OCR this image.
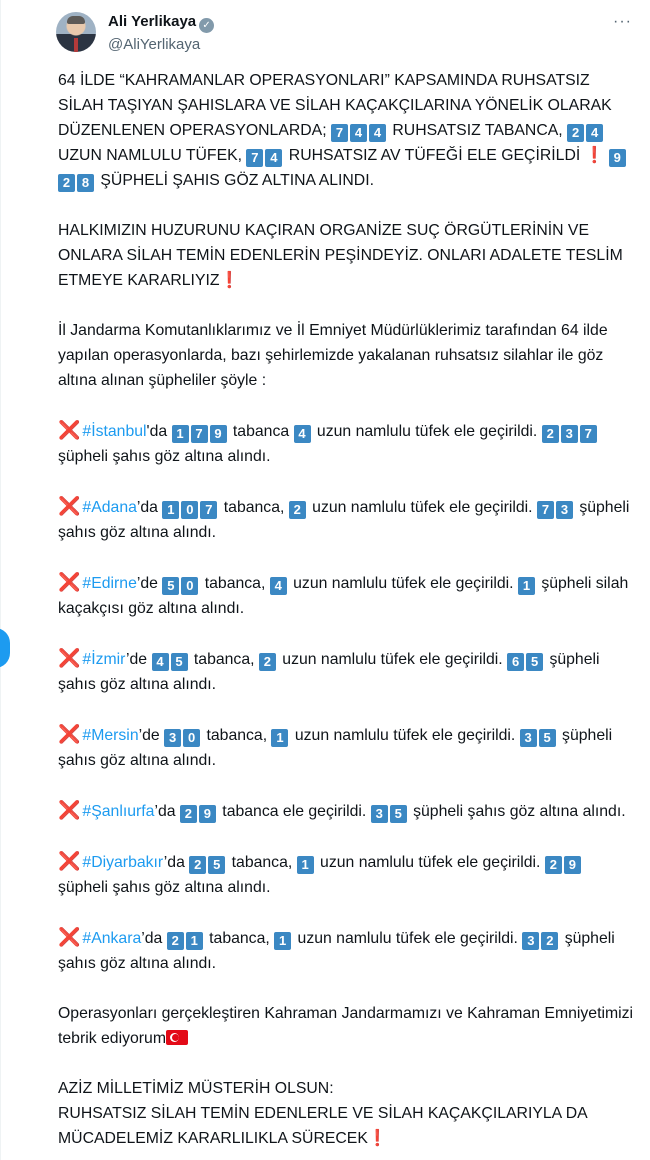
Ali Yerlikaya ✓
@AliYerlikaya
···

64 İLDE “KAHRAMANLAR OPERASYONLARI” KAPSAMINDA RUHSATSIZ SİLAH TAŞIYAN ŞAHISLARA VE SİLAH KAÇAKÇILARINA YÖNELİK OLARAK DÜZENLENEN OPERASYONLARDA; 7 4 4 RUHSATSIZ TABANCA, 2 4 UZUN NAMLULU TÜFEK, 7 4 RUHSATSIZ AV TÜFEĞİ ELE GEÇİRİLDİ ❗ 92 8 ŞÜPHELİ ŞAHIS GÖZ ALTINA ALINDI.

HALKIMIZIN HUZURUNU KAÇIRAN ORGANİZE SUÇ ÖRGÜTLERİNİN VE ONLARA SİLAH TEMİN EDENLERİN PEŞİNDEYİZ. ONLARI ADALETE TESLİM ETMEYE KARARLIYIZ❗

İl Jandarma Komutanlıklarımız ve İl Emniyet Müdürlüklerimiz tarafından 64 ilde yapılan operasyonlarda, bazı şehirlemizde yakalanan ruhsatsız silahlar ile göz altına alınan şüpheliler şöyle :

❌ #İstanbul'da 1 7 9 tabanca 4 uzun namlulu tüfek ele geçirildi. 2 3 7 şüpheli şahıs göz altına alındı.

❌ #Adana’da 1 0 7 tabanca, 2 uzun namlulu tüfek ele geçirildi. 7 3 şüpheli şahıs göz altına alındı.

❌ #Edirne’de 5 0 tabanca, 4 uzun namlulu tüfek ele geçirildi. 1 şüpheli silah kaçakçısı göz altına alındı.

❌ #İzmir’de 4 5 tabanca, 2 uzun namlulu tüfek ele geçirildi. 6 5 şüpheli şahıs göz altına alındı.

❌ #Mersin’de 3 0 tabanca, 1 uzun namlulu tüfek ele geçirildi. 3 5 şüpheli şahıs göz altına alındı.

❌ #Şanlıurfa’da 2 9 tabanca ele geçirildi. 3 5 şüpheli şahıs göz altına alındı.

❌ #Diyarbakır’da 2 5 tabanca, 1 uzun namlulu tüfek ele geçirildi. 2 9 şüpheli şahıs göz altına alındı.

❌ #Ankara’da 2 1 tabanca, 1 uzun namlulu tüfek ele geçirildi. 3 2 şüpheli şahıs göz altına alındı.

Operasyonları gerçekleştiren Kahraman Jandarmamızı ve Kahraman Emniyetimizi tebrik ediyorum

AZİZ MİLLETİMİZ MÜSTERİH OLSUN:
RUHSATSIZ SİLAH TEMİN EDENLERLE VE SİLAH KAÇAKÇILARIYLA DA MÜCADELEMİZ KARARLILIKLA SÜRECEK❗
